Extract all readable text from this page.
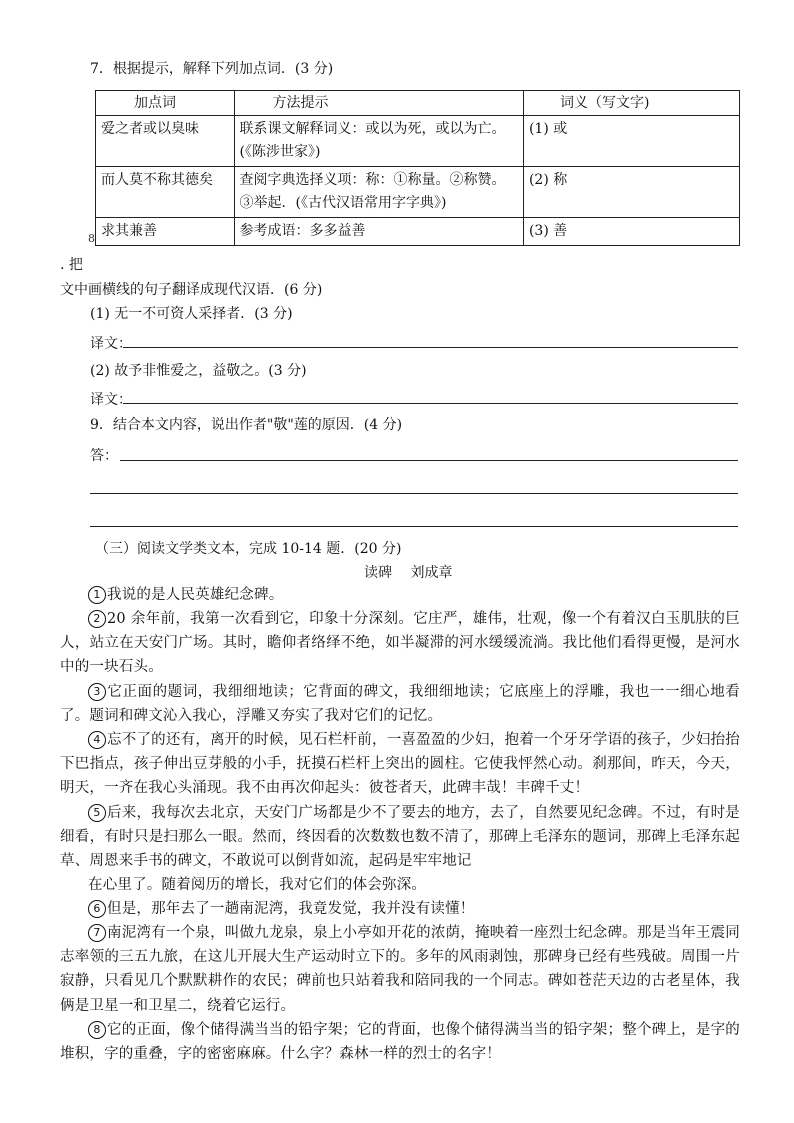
7．根据提示，解释下列加点词．(3 分)
加点词	方法提示	词义（写文字)
爱之者或以臭味	联系课文解释词义：或以为死，或以为亡。(《陈涉世家》)	(1) 或
而人莫不称其德矣	查阅字典选择义项：称：①称量。②称赞。③举起．(《古代汉语常用字字典》)	(2) 称
求其兼善	参考成语：多多益善	(3) 善
8
. 把
文中画横线的句子翻译成现代汉语．(6 分)
(1) 无一不可资人采择者．(3 分)
译文：
(2) 故予非惟爱之，益敬之。(3 分)
译文：
9．结合本文内容，说出作者"敬"莲的原因．(4 分)
答：
（三）阅读文学类文本，完成 10-14 题．(20 分)
读碑　 刘成章
1 我说的是人民英雄纪念碑。
2 20 余年前，我第一次看到它，印象十分深刻。它庄严，雄伟，壮观，像一个有着汉白玉肌肤的巨人，站立在天安门广场。其时，瞻仰者络绎不绝，如半凝滞的河水缓缓流淌。我比他们看得更慢，是河水中的一块石头。
3 它正面的题词，我细细地读；它背面的碑文，我细细地读；它底座上的浮雕，我也一一细心地看了。题词和碑文沁入我心，浮雕又夯实了我对它们的记忆。
4 忘不了的还有，离开的时候，见石栏杆前，一喜盈盈的少妇，抱着一个牙牙学语的孩子，少妇抬抬下巴指点，孩子伸出豆芽般的小手，抚摸石栏杆上突出的圆柱。它使我怦然心动。刹那间，昨天，今天，明天，一齐在我心头涌现。我不由再次仰起头：彼苍者天，此碑丰哉！丰碑千丈！
5 后来，我每次去北京，天安门广场都是少不了要去的地方，去了，自然要见纪念碑。不过，有时是细看，有时只是扫那么一眼。然而，终因看的次数数也数不清了，那碑上毛泽东的题词，那碑上毛泽东起草、周恩来手书的碑文，不敢说可以倒背如流，起码是牢牢地记
在心里了。随着阅历的增长，我对它们的体会弥深。
6 但是，那年去了一趟南泥湾，我竟发觉，我并没有读懂！
7 南泥湾有一个泉，叫做九龙泉，泉上小亭如开花的浓荫，掩映着一座烈士纪念碑。那是当年王震同志率领的三五九旅，在这儿开展大生产运动时立下的。多年的风雨剥蚀，那碑身已经有些残破。周围一片寂静，只看见几个默默耕作的农民；碑前也只站着我和陪同我的一个同志。碑如苍茫天边的古老星体，我俩是卫星一和卫星二，绕着它运行。
8 它的正面，像个储得满当当的铅字架；它的背面，也像个储得满当当的铅字架；整个碑上，是字的堆积，字的重叠，字的密密麻麻。什么字？森林一样的烈士的名字！
